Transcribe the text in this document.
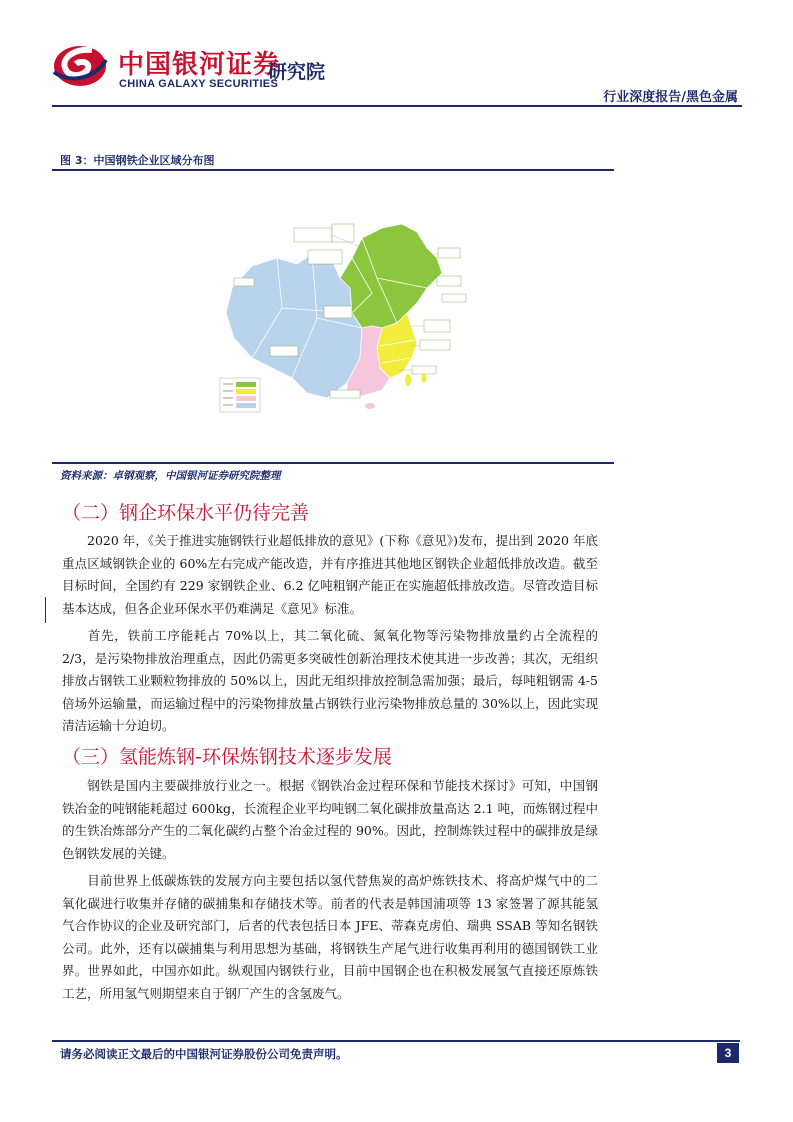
中国银河证券
CHINA GALAXY SECURITIES
研究院
行业深度报告/黑色金属
图 3：中国钢铁企业区域分布图
资料来源：卓钢观察，中国银河证券研究院整理
（二）钢企环保水平仍待完善
2020 年，《关于推进实施钢铁行业超低排放的意见》(下称《意见》)发布，提出到 2020 年底重点区域钢铁企业的 60%左右完成产能改造，并有序推进其他地区钢铁企业超低排放改造。截至目标时间，全国约有 229 家钢铁企业、6.2 亿吨粗钢产能正在实施超低排放改造。尽管改造目标基本达成，但各企业环保水平仍难满足《意见》标准。
首先，铁前工序能耗占 70%以上，其二氧化硫、氮氧化物等污染物排放量约占全流程的 2/3，是污染物排放治理重点，因此仍需更多突破性创新治理技术使其进一步改善；其次，无组织排放占钢铁工业颗粒物排放的 50%以上，因此无组织排放控制急需加强；最后，每吨粗钢需 4-5 倍场外运输量，而运输过程中的污染物排放量占钢铁行业污染物排放总量的 30%以上，因此实现清洁运输十分迫切。
（三）氢能炼钢-环保炼钢技术逐步发展
钢铁是国内主要碳排放行业之一。根据《钢铁冶金过程环保和节能技术探讨》可知，中国钢铁冶金的吨钢能耗超过 600kg，长流程企业平均吨钢二氧化碳排放量高达 2.1 吨，而炼钢过程中的生铁冶炼部分产生的二氧化碳约占整个冶金过程的 90%。因此，控制炼铁过程中的碳排放是绿色钢铁发展的关键。
目前世界上低碳炼铁的发展方向主要包括以氢代替焦炭的高炉炼铁技术、将高炉煤气中的二氧化碳进行收集并存储的碳捕集和存储技术等。前者的代表是韩国浦项等 13 家签署了源其能氢气合作协议的企业及研究部门，后者的代表包括日本 JFE、蒂森克虏伯、瑞典 SSAB 等知名钢铁公司。此外，还有以碳捕集与利用思想为基础，将钢铁生产尾气进行收集再利用的德国钢铁工业界。世界如此，中国亦如此。纵观国内钢铁行业，目前中国钢企也在积极发展氢气直接还原炼铁工艺，所用氢气则期望来自于钢厂产生的含氢废气。
请务必阅读正文最后的中国银河证券股份公司免责声明。	3
